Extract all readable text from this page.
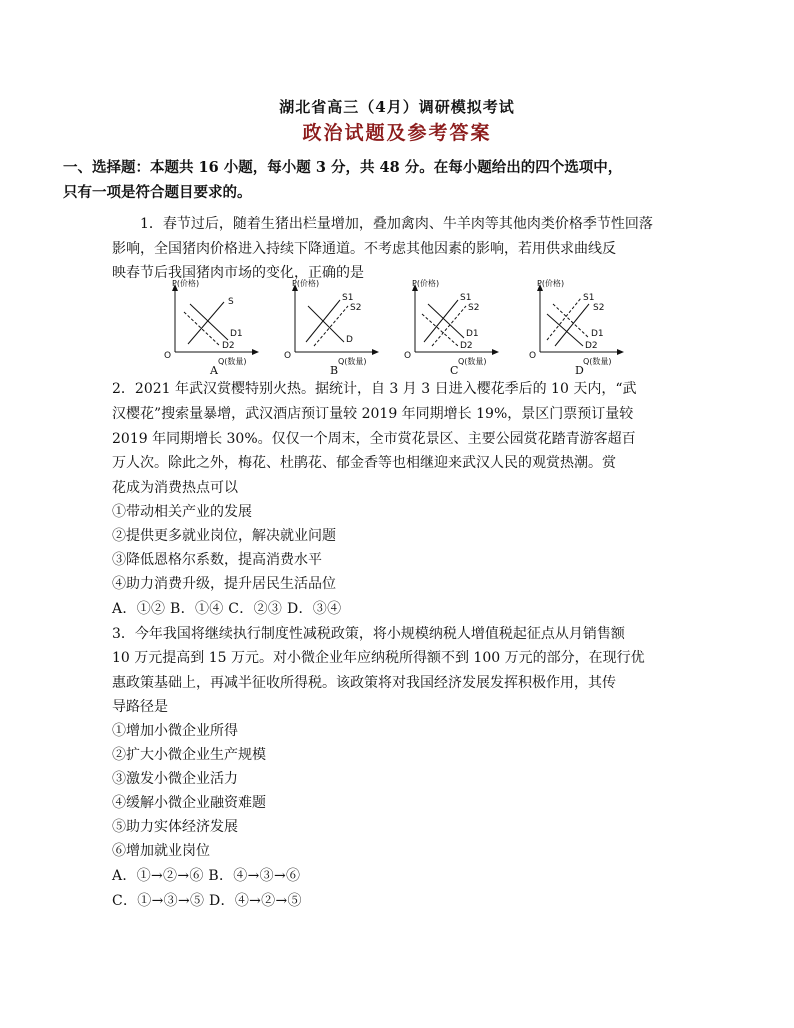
湖北省高三（4月）调研模拟考试
政治试题及参考答案
一、选择题：本题共 16 小题，每小题 3 分，共 48 分。在每小题给出的四个选项中，
只有一项是符合题目要求的。
1．春节过后，随着生猪出栏量增加，叠加禽肉、牛羊肉等其他肉类价格季节性回落
影响，全国猪肉价格进入持续下降通道。不考虑其他因素的影响，若用供求曲线反
映春节后我国猪肉市场的变化，正确的是
P(价格)
Q(数量)
O
S
D1
D2
A
P(价格)
Q(数量)
O
S1
S2
D
B
P(价格)
Q(数量)
O
S1
S2
D1
D2
C
P(价格)
Q(数量)
O
S1
S2
D1
D2
D
2．2021 年武汉赏樱特别火热。据统计，自 3 月 3 日进入樱花季后的 10 天内，“武
汉樱花”搜索量暴增，武汉酒店预订量较 2019 年同期增长 19%，景区门票预订量较
2019 年同期增长 30%。仅仅一个周末，全市赏花景区、主要公园赏花踏青游客超百
万人次。除此之外，梅花、杜鹃花、郁金香等也相继迎来武汉人民的观赏热潮。赏
花成为消费热点可以
①带动相关产业的发展
②提供更多就业岗位，解决就业问题
③降低恩格尔系数，提高消费水平
④助力消费升级，提升居民生活品位
A．①② B．①④ C．②③ D．③④
3．今年我国将继续执行制度性减税政策，将小规模纳税人增值税起征点从月销售额
10 万元提高到 15 万元。对小微企业年应纳税所得额不到 100 万元的部分，在现行优
惠政策基础上，再减半征收所得税。该政策将对我国经济发展发挥积极作用，其传
导路径是
①增加小微企业所得
②扩大小微企业生产规模
③激发小微企业活力
④缓解小微企业融资难题
⑤助力实体经济发展
⑥增加就业岗位
A．①→②→⑥ B．④→③→⑥
C．①→③→⑤ D．④→②→⑤
